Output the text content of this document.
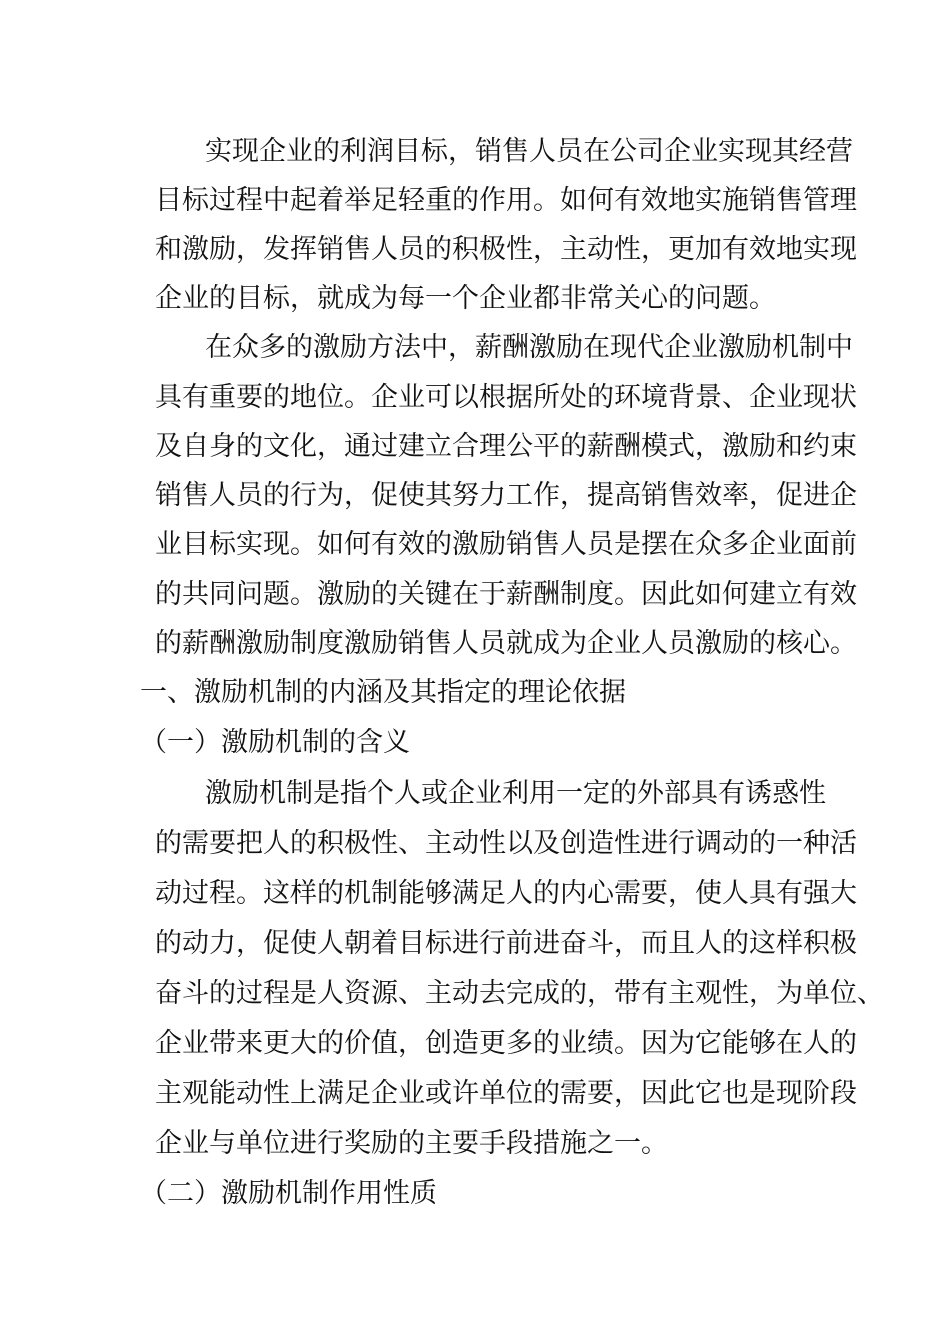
实现企业的利润目标，销售人员在公司企业实现其经营
目标过程中起着举足轻重的作用。如何有效地实施销售管理
和激励，发挥销售人员的积极性，主动性，更加有效地实现
企业的目标，就成为每一个企业都非常关心的问题。
在众多的激励方法中，薪酬激励在现代企业激励机制中
具有重要的地位。企业可以根据所处的环境背景、企业现状
及自身的文化，通过建立合理公平的薪酬模式，激励和约束
销售人员的行为，促使其努力工作，提高销售效率，促进企
业目标实现。如何有效的激励销售人员是摆在众多企业面前
的共同问题。激励的关键在于薪酬制度。因此如何建立有效
的薪酬激励制度激励销售人员就成为企业人员激励的核心。
一、激励机制的内涵及其指定的理论依据
（一）激励机制的含义
激励机制是指个人或企业利用一定的外部具有诱惑性
的需要把人的积极性、主动性以及创造性进行调动的一种活
动过程。这样的机制能够满足人的内心需要，使人具有强大
的动力，促使人朝着目标进行前进奋斗，而且人的这样积极
奋斗的过程是人资源、主动去完成的，带有主观性，为单位、
企业带来更大的价值，创造更多的业绩。因为它能够在人的
主观能动性上满足企业或许单位的需要，因此它也是现阶段
企业与单位进行奖励的主要手段措施之一。
（二）激励机制作用性质
